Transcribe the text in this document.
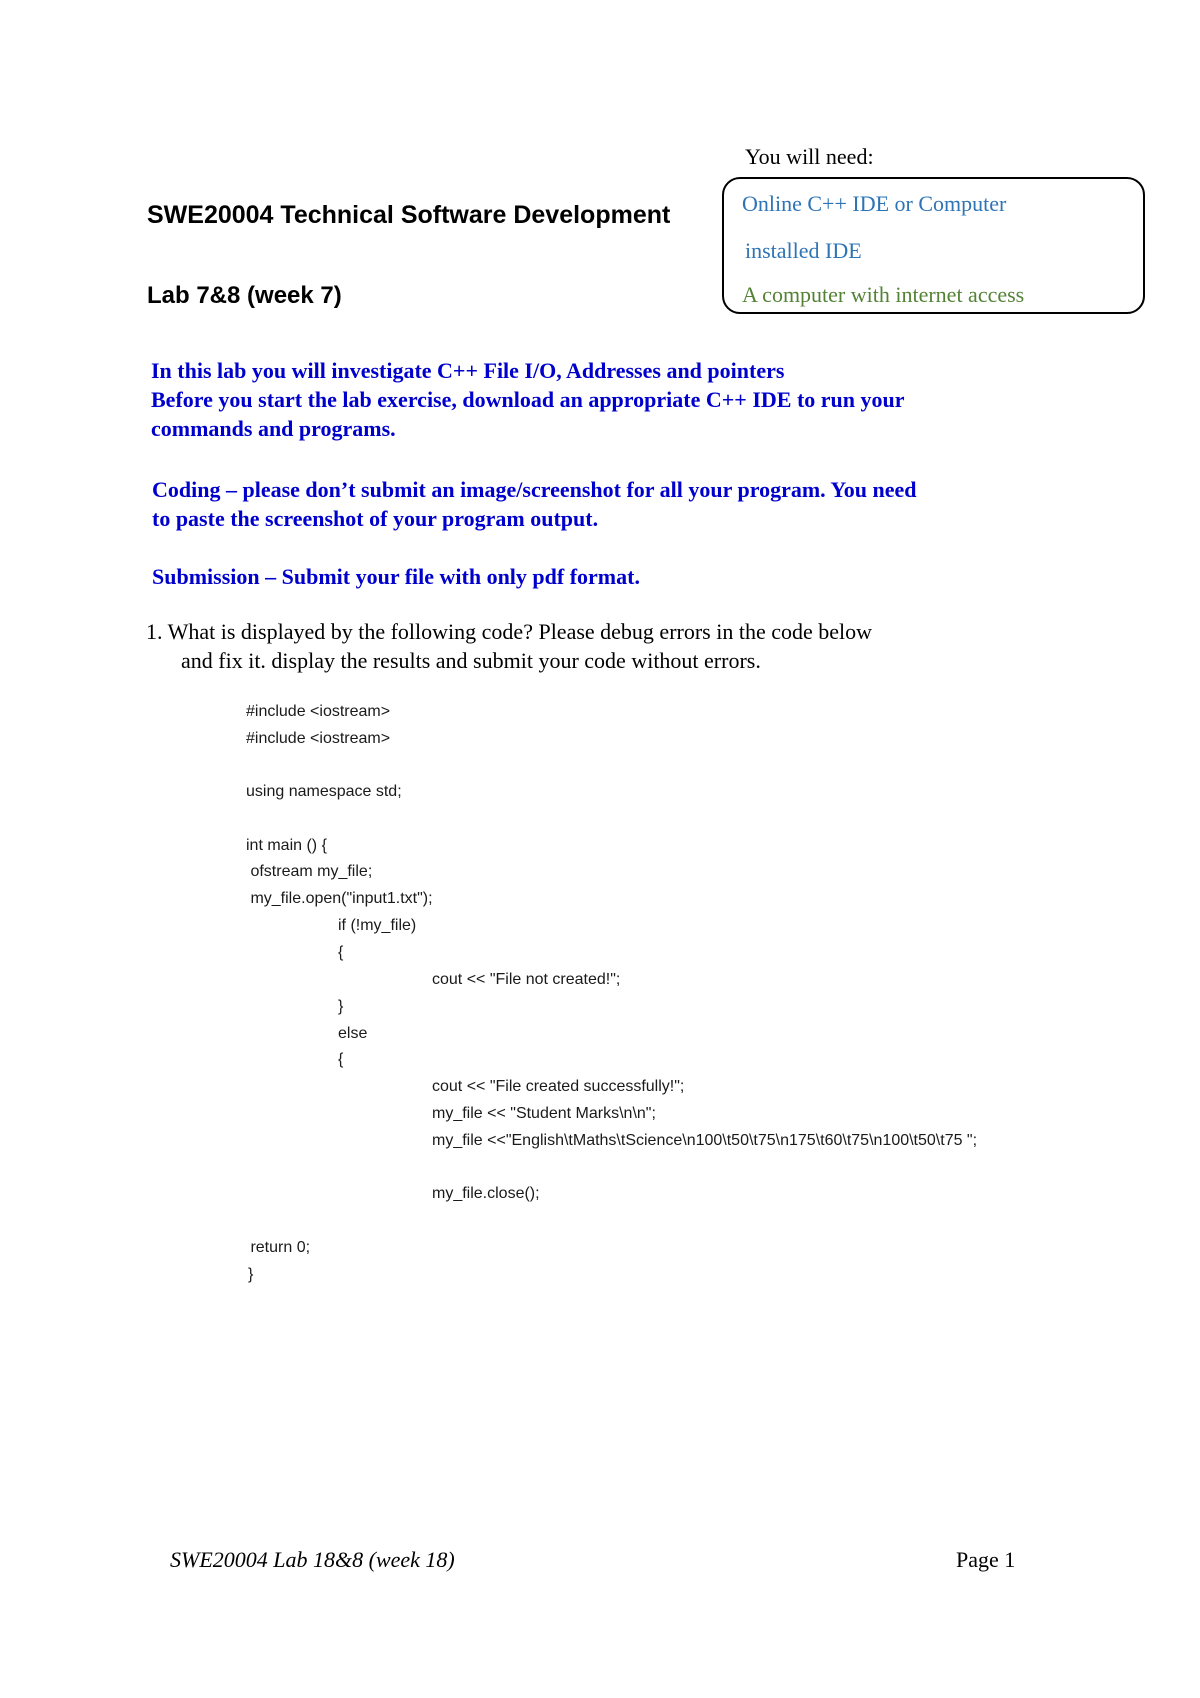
You will need:
Online C++ IDE or Computer
installed IDE
A computer with internet access
SWE20004 Technical Software Development
Lab 7&8 (week 7)
In this lab you will investigate C++ File I/O, Addresses and pointers
Before you start the lab exercise, download an appropriate C++ IDE to run your
commands and programs.
Coding – please don’t submit an image/screenshot for all your program. You need
to paste the screenshot of your program output.
Submission – Submit your file with only pdf format.
1. What is displayed by the following code? Please debug errors in the code below
and fix it. display the results and submit your code without errors.
#include <iostream>
#include <iostream>
using namespace std;
int main () {
ofstream my_file;
my_file.open("input1.txt");
if (!my_file)
{
cout << "File not created!";
}
else
{
cout << "File created successfully!";
my_file << "Student Marks\n\n";
my_file <<"English\tMaths\tScience\n100\t50\t75\n175\t60\t75\n100\t50\t75 ";
my_file.close();
return 0;
}
SWE20004 Lab 18&8 (week 18)	Page 1
